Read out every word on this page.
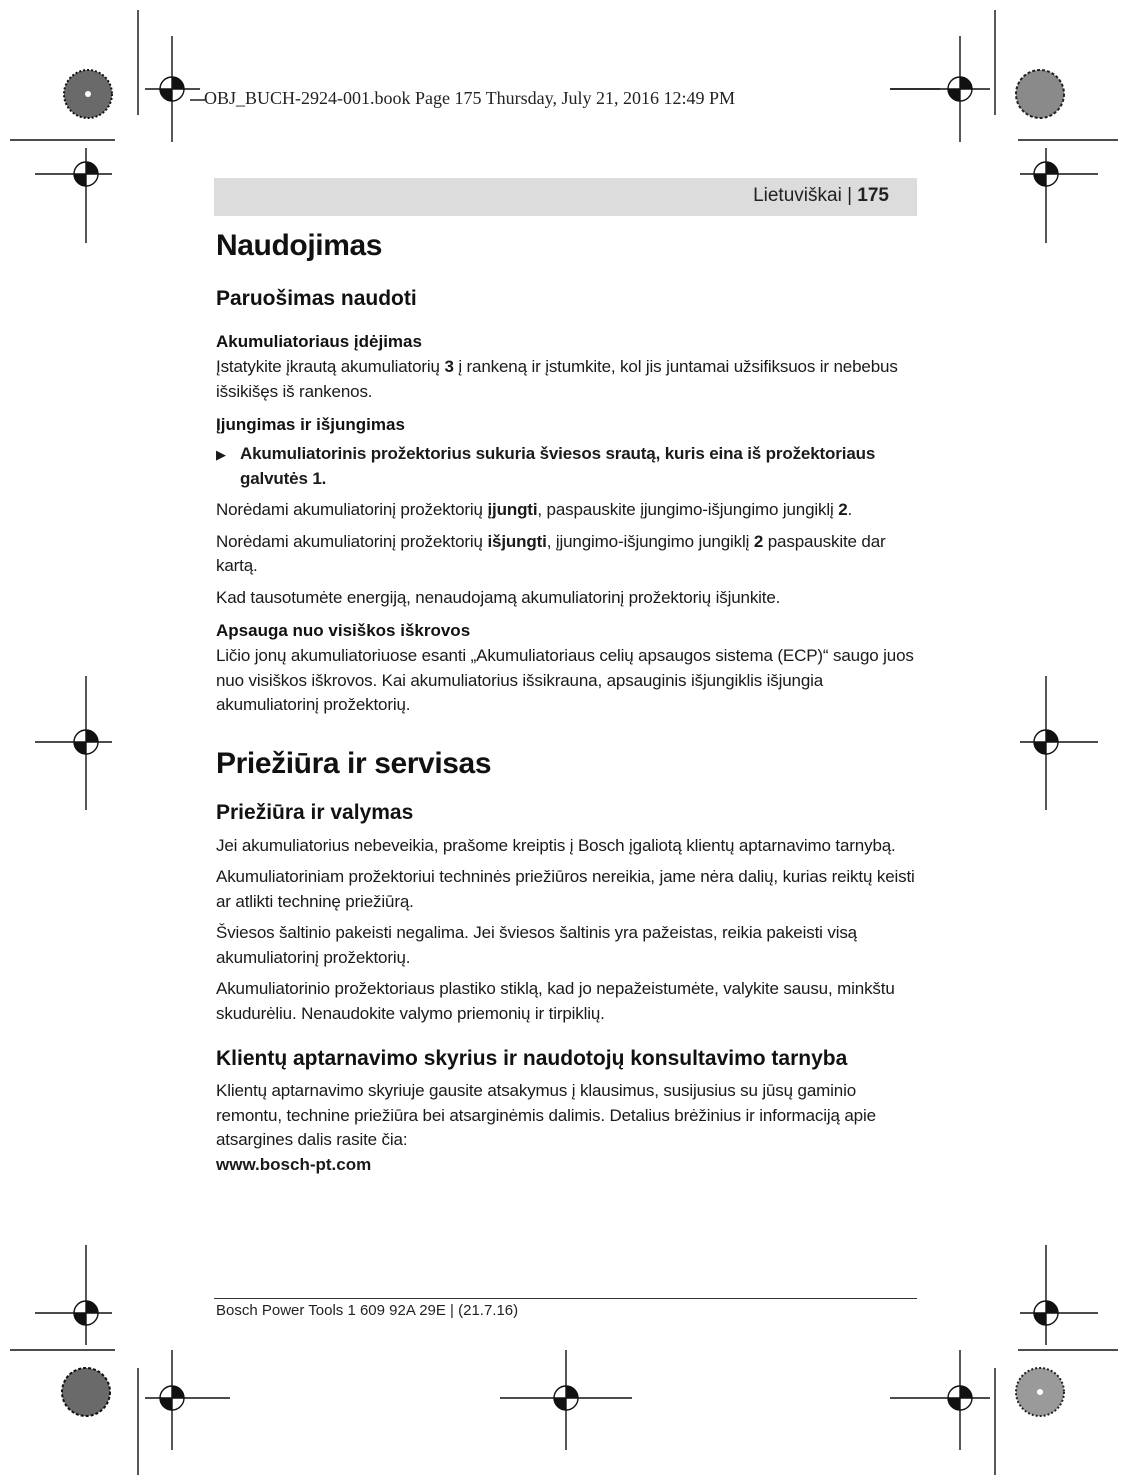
OBJ_BUCH-2924-001.book Page 175 Thursday, July 21, 2016 12:49 PM
Lietuviškai | 175
Naudojimas
Paruošimas naudoti
Akumuliatoriaus įdėjimas

Įstatykite įkrautą akumuliatorių 3 į rankeną ir įstumkite, kol jis juntamai užsifiksuos ir nebebus išsikišęs iš rankenos.

Įjungimas ir išjungimas
▶ Akumuliatorinis prožektorius sukuria šviesos srautą, kuris eina iš prožektoriaus galvutės 1.

Norėdami akumuliatorinį prožektorių įjungti, paspauskite įjungimo-išjungimo jungiklį 2.

Norėdami akumuliatorinį prožektorių išjungti, įjungimo-išjungimo jungiklį 2 paspauskite dar kartą.

Kad tausotumėte energiją, nenaudojamą akumuliatorinį prožektorių išjunkite.

Apsauga nuo visiškos iškrovos

Ličio jonų akumuliatoriuose esanti „Akumuliatoriaus celių apsaugos sistema (ECP)“ saugo juos nuo visiškos iškrovos. Kai akumuliatorius išsikrauna, apsauginis išjungiklis išjungia akumuliatorinį prožektorių.

Priežiūra ir servisas
Priežiūra ir valymas

Jei akumuliatorius nebeveikia, prašome kreiptis į Bosch įgaliotą klientų aptarnavimo tarnybą.

Akumuliatoriniam prožektoriui techninės priežiūros nereikia, jame nėra dalių, kurias reiktų keisti ar atlikti techninę priežiūrą.

Šviesos šaltinio pakeisti negalima. Jei šviesos šaltinis yra pažeistas, reikia pakeisti visą akumuliatorinį prožektorių.

Akumuliatorinio prožektoriaus plastiko stiklą, kad jo nepažeistumėte, valykite sausu, minkštu skudurėliu. Nenaudokite valymo priemonių ir tirpiklių.

Klientų aptarnavimo skyrius ir naudotojų konsultavimo tarnyba

Klientų aptarnavimo skyriuje gausite atsakymus į klausimus, susijusius su jūsų gaminio remontu, technine priežiūra bei atsarginėmis dalimis. Detalius brėžinius ir informaciją apie atsargines dalis rasite čia:

www.bosch-pt.com
Bosch Power Tools 1 609 92A 29E | (21.7.16)
